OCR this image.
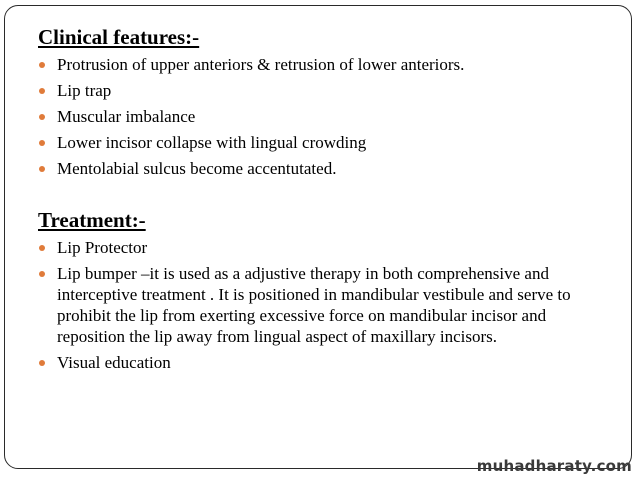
Clinical features:-
Protrusion of upper anteriors & retrusion of lower anteriors.
Lip trap
Muscular imbalance
Lower incisor collapse with lingual crowding
Mentolabial sulcus become accentutated.
Treatment:-
Lip Protector
Lip bumper –it is used as a adjustive therapy in both comprehensive and interceptive treatment . It is positioned in mandibular vestibule and serve to prohibit the lip from exerting excessive force on mandibular incisor and reposition the lip away from lingual aspect of maxillary incisors.
Visual education
muhadharaty.com
